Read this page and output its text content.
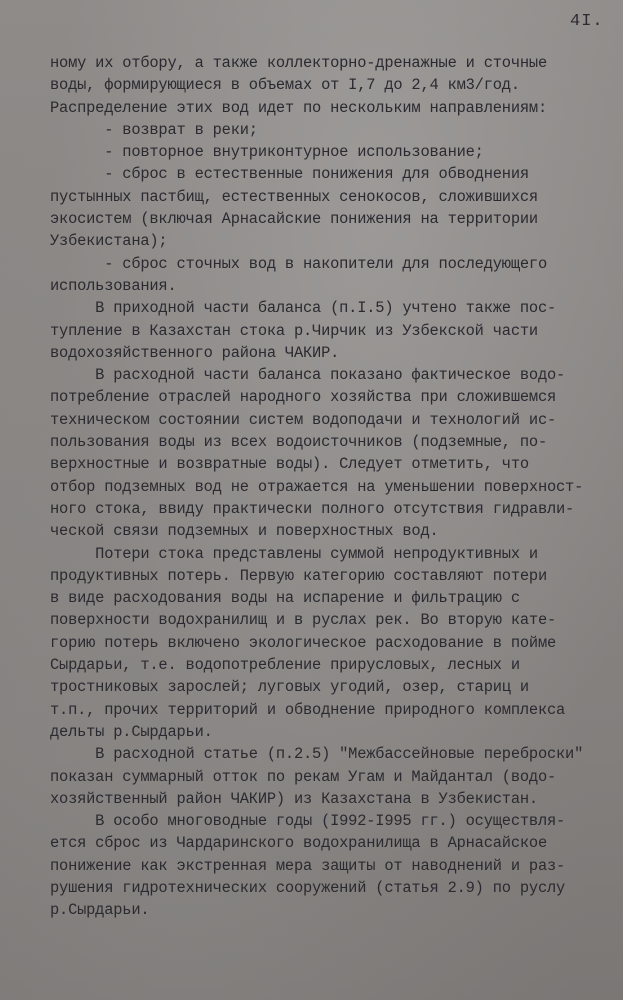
4I.
ному их отбору, а также коллекторно-дренажные и сточные
воды, формирующиеся в объемах от I,7 до 2,4 км3/год.
Распределение этих вод идет по нескольким направлениям:
- возврат в реки;
- повторное внутриконтурное использование;
- сброс в естественные понижения для обводнения
пустынных пастбищ, естественных сенокосов, сложившихся
экосистем (включая Арнасайские понижения на территории
Узбекистана);
- сброс сточных вод в накопители для последующего
использования.
В приходной части баланса (п.I.5) учтено также пос-
тупление в Казахстан стока р.Чирчик из Узбекской части
водохозяйственного района ЧАКИР.
В расходной части баланса показано фактическое водо-
потребление отраслей народного хозяйства при сложившемся
техническом состоянии систем водоподачи и технологий ис-
пользования воды из всех водоисточников (подземные, по-
верхностные и возвратные воды). Следует отметить, что
отбор подземных вод не отражается на уменьшении поверхност-
ного стока, ввиду практически полного отсутствия гидравли-
ческой связи подземных и поверхностных вод.
Потери стока представлены суммой непродуктивных и
продуктивных потерь. Первую категорию составляют потери
в виде расходования воды на испарение и фильтрацию с
поверхности водохранилищ и в руслах рек. Во вторую кате-
горию потерь включено экологическое расходование в пойме
Сырдарьи, т.е. водопотребление прирусловых, лесных и
тростниковых зарослей; луговых угодий, озер, стариц и
т.п., прочих территорий и обводнение природного комплекса
дельты р.Сырдарьи.
В расходной статье (п.2.5) "Межбассейновые переброски"
показан суммарный отток по рекам Угам и Майдантал (водо-
хозяйственный район ЧАКИР) из Казахстана в Узбекистан.
В особо многоводные годы (I992-I995 гг.) осуществля-
ется сброс из Чардаринского водохранилища в Арнасайское
понижение как экстренная мера защиты от наводнений и раз-
рушения гидротехнических сооружений (статья 2.9) по руслу
р.Сырдарьи.
